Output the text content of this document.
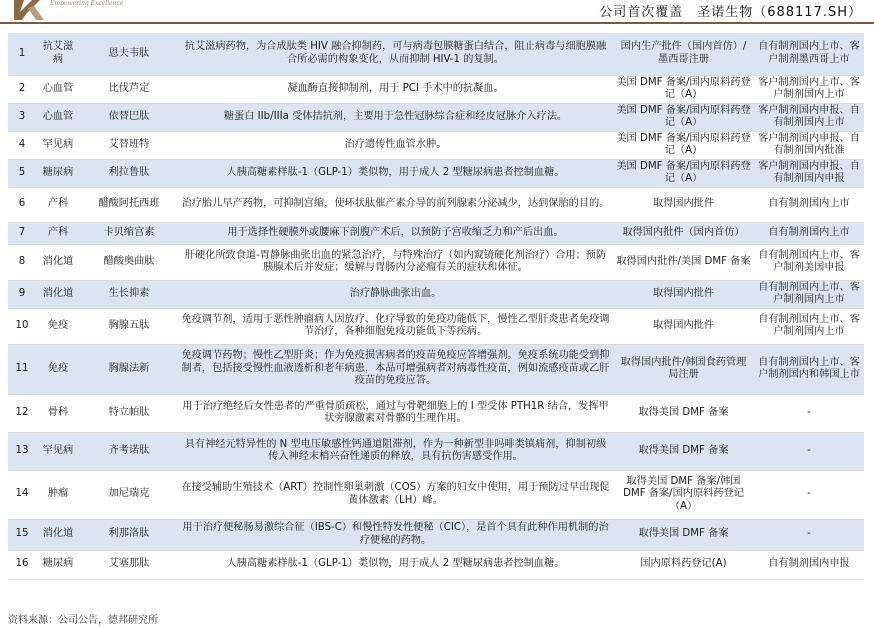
Empowering Excellence
公司首次覆盖　圣诺生物（688117.SH）
1	抗艾滋病	恩夫韦肽	抗艾滋病药物，为合成肽类 HIV 融合抑制药，可与病毒包膜糖蛋白结合，阻止病毒与细胞膜融合所必需的构象变化，从而抑制 HIV-1 的复制。	国内生产批件（国内首仿）/墨西哥注册	自有制剂国内上市、客户制剂墨西哥上市
2	心血管	比伐芦定	凝血酶直接抑制剂，用于 PCI 手术中的抗凝血。	美国 DMF 备案/国内原料药登记（A）	客户制剂国内上市、客户制剂国内上市
3	心血管	依替巴肽	糖蛋白 IIb/IIIa 受体拮抗剂，主要用于急性冠脉综合症和经皮冠脉介入疗法。	美国 DMF 备案/国内原料药登记（A）	客户制剂国内申报、自有制剂国内上市
4	罕见病	艾替班特	治疗遗传性血管水肿。	美国 DMF 备案/国内原料药登记（A）	客户制剂国内申报、自有制剂国内批准
5	糖尿病	利拉鲁肽	人胰高糖素样肽-1（GLP-1）类似物，用于成人 2 型糖尿病患者控制血糖。	美国 DMF 备案/国内原料药登记（A）	客户制剂国内申报、自有制剂国内申报
6	产科	醋酸阿托西班	治疗胎儿早产药物，可抑制宫缩，使环状肽催产素介导的前列腺素分泌减少，达到保胎的目的。	取得国内批件	自有制剂国内上市
7	产科	卡贝缩宫素	用于选择性硬膜外或腰麻下剖腹产术后，以预防子宫收缩乏力和产后出血。	取得国内批件（国内首仿）	自有制剂国内上市
8	消化道	醋酸奥曲肽	肝硬化所致食道-胃静脉曲张出血的紧急治疗，与特殊治疗（如内窥镜硬化剂治疗）合用；预防胰腺术后并发症；缓解与胃肠内分泌瘤有关的症状和体征。	取得国内批件/美国 DMF 备案	自有制剂国内上市、客户制剂美国申报
9	消化道	生长抑素	治疗静脉曲张出血。	取得国内批件	自有制剂国内上市、客户制剂国内上市
10	免疫	胸腺五肽	免疫调节剂，适用于恶性肿瘤病人因放疗、化疗导致的免疫功能低下，慢性乙型肝炎患者免疫调节治疗，各种细胞免疫功能低下等疾病。	取得国内批件	自有制剂国内上市、客户制剂国内上市
11	免疫	胸腺法新	免疫调节药物；慢性乙型肝炎；作为免疫损害病者的疫苗免疫应答增强剂。免疫系统功能受到抑制者，包括接受慢性血液透析和老年病患，本品可增强病者对病毒性疫苗，例如流感疫苗或乙肝疫苗的免疫应答。	取得国内批件/韩国食药管理局注册	自有制剂国内上市、客户制剂国内和韩国上市
12	骨科	特立帕肽	用于治疗绝经后女性患者的严重骨质疏松，通过与骨靶细胞上的 I 型受体 PTH1R 结合，发挥甲状旁腺激素对骨骼的生理作用。	取得美国 DMF 备案	-
13	罕见病	齐考诺肽	具有神经元特异性的 N 型电压敏感性钙通道阻滞剂，作为一种新型非吗啡类镇痛剂，抑制初级传入神经末梢兴奋性递质的释放，具有抗伤害感受作用。	取得美国 DMF 备案	-
14	肿瘤	加尼瑞克	在接受辅助生殖技术（ART）控制性卵巢刺激（COS）方案的妇女中使用，用于预防过早出现促黄体激素（LH）峰。	取得美国 DMF 备案/韩国 DMF 备案/国内原料药登记（A）	-
15	消化道	利那洛肽	用于治疗便秘肠易激综合征（IBS-C）和慢性特发性便秘（CIC），是首个具有此种作用机制的治疗便秘的药物。	取得美国 DMF 备案	-
16	糖尿病	艾塞那肽	人胰高糖素样肽-1（GLP-1）类似物，用于成人 2 型糖尿病患者控制血糖。	国内原料药登记(A)	自有制剂国内申报
资料来源：公司公告，德邦研究所
